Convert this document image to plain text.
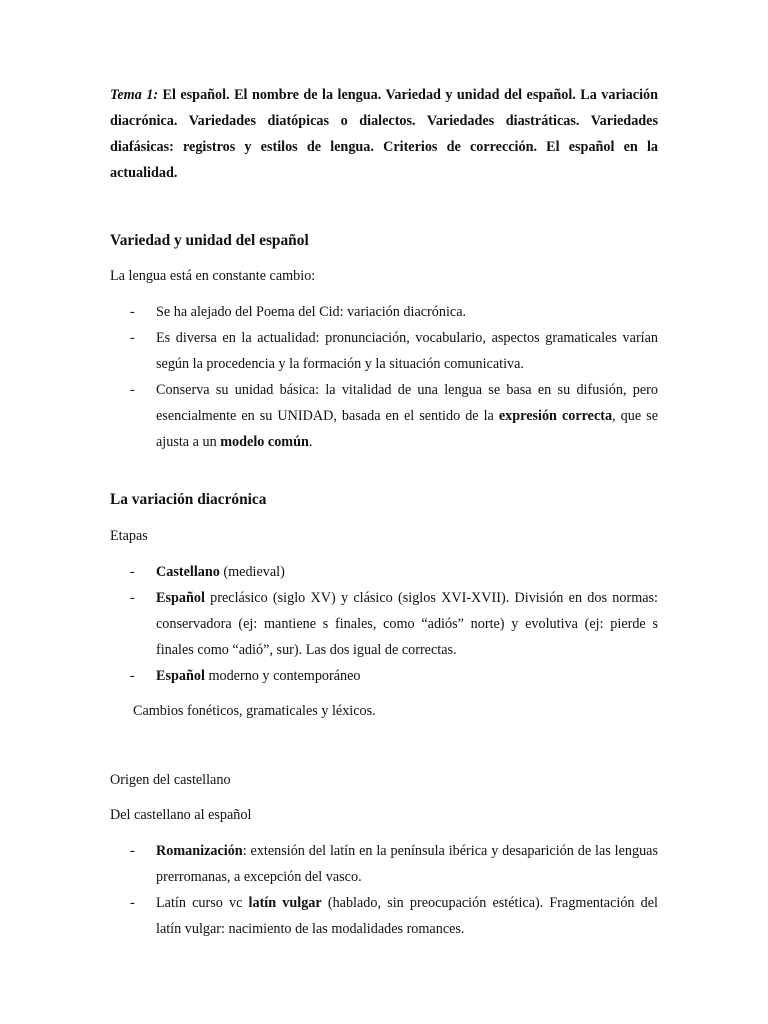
Tema 1: El español. El nombre de la lengua. Variedad y unidad del español. La variación diacrónica. Variedades diatópicas o dialectos. Variedades diastráticas. Variedades diafásicas: registros y estilos de lengua. Criterios de corrección. El español en la actualidad.

Variedad y unidad del español

La lengua está en constante cambio:

- Se ha alejado del Poema del Cid: variación diacrónica.
- Es diversa en la actualidad: pronunciación, vocabulario, aspectos gramaticales varían según la procedencia y la formación y la situación comunicativa.
- Conserva su unidad básica: la vitalidad de una lengua se basa en su difusión, pero esencialmente en su UNIDAD, basada en el sentido de la expresión correcta, que se ajusta a un modelo común.
La variación diacrónica

Etapas

- Castellano (medieval)
- Español preclásico (siglo XV) y clásico (siglos XVI-XVII). División en dos normas: conservadora (ej: mantiene s finales, como “adiós” norte) y evolutiva (ej: pierde s finales como “adió”, sur). Las dos igual de correctas.
- Español moderno y contemporáneo

Cambios fonéticos, gramaticales y léxicos.

Origen del castellano

Del castellano al español

- Romanización: extensión del latín en la península ibérica y desaparición de las lenguas prerromanas, a excepción del vasco.
- Latín curso vc latín vulgar (hablado, sin preocupación estética). Fragmentación del latín vulgar: nacimiento de las modalidades romances.
